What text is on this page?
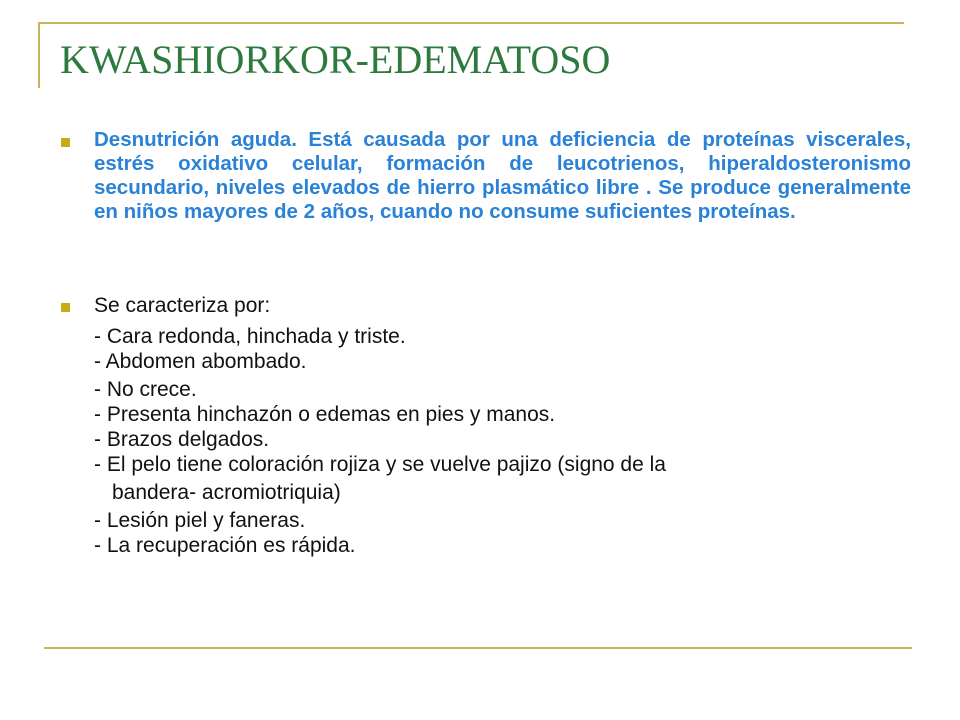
KWASHIORKOR-EDEMATOSO

Desnutrición aguda. Está causada por una deficiencia de proteínas viscerales, estrés oxidativo celular, formación de leucotrienos, hiperaldosteronismo secundario, niveles elevados de hierro plasmático libre . Se produce generalmente en niños mayores de 2 años, cuando no consume suficientes proteínas.

Se caracteriza por:
- Cara redonda, hinchada y triste.
- Abdomen abombado.
- No crece.
- Presenta hinchazón o edemas en pies y manos.
- Brazos delgados.
- El pelo tiene coloración rojiza y se vuelve pajizo (signo de la
bandera- acromiotriquia)
- Lesión piel y faneras.
- La recuperación es rápida.
